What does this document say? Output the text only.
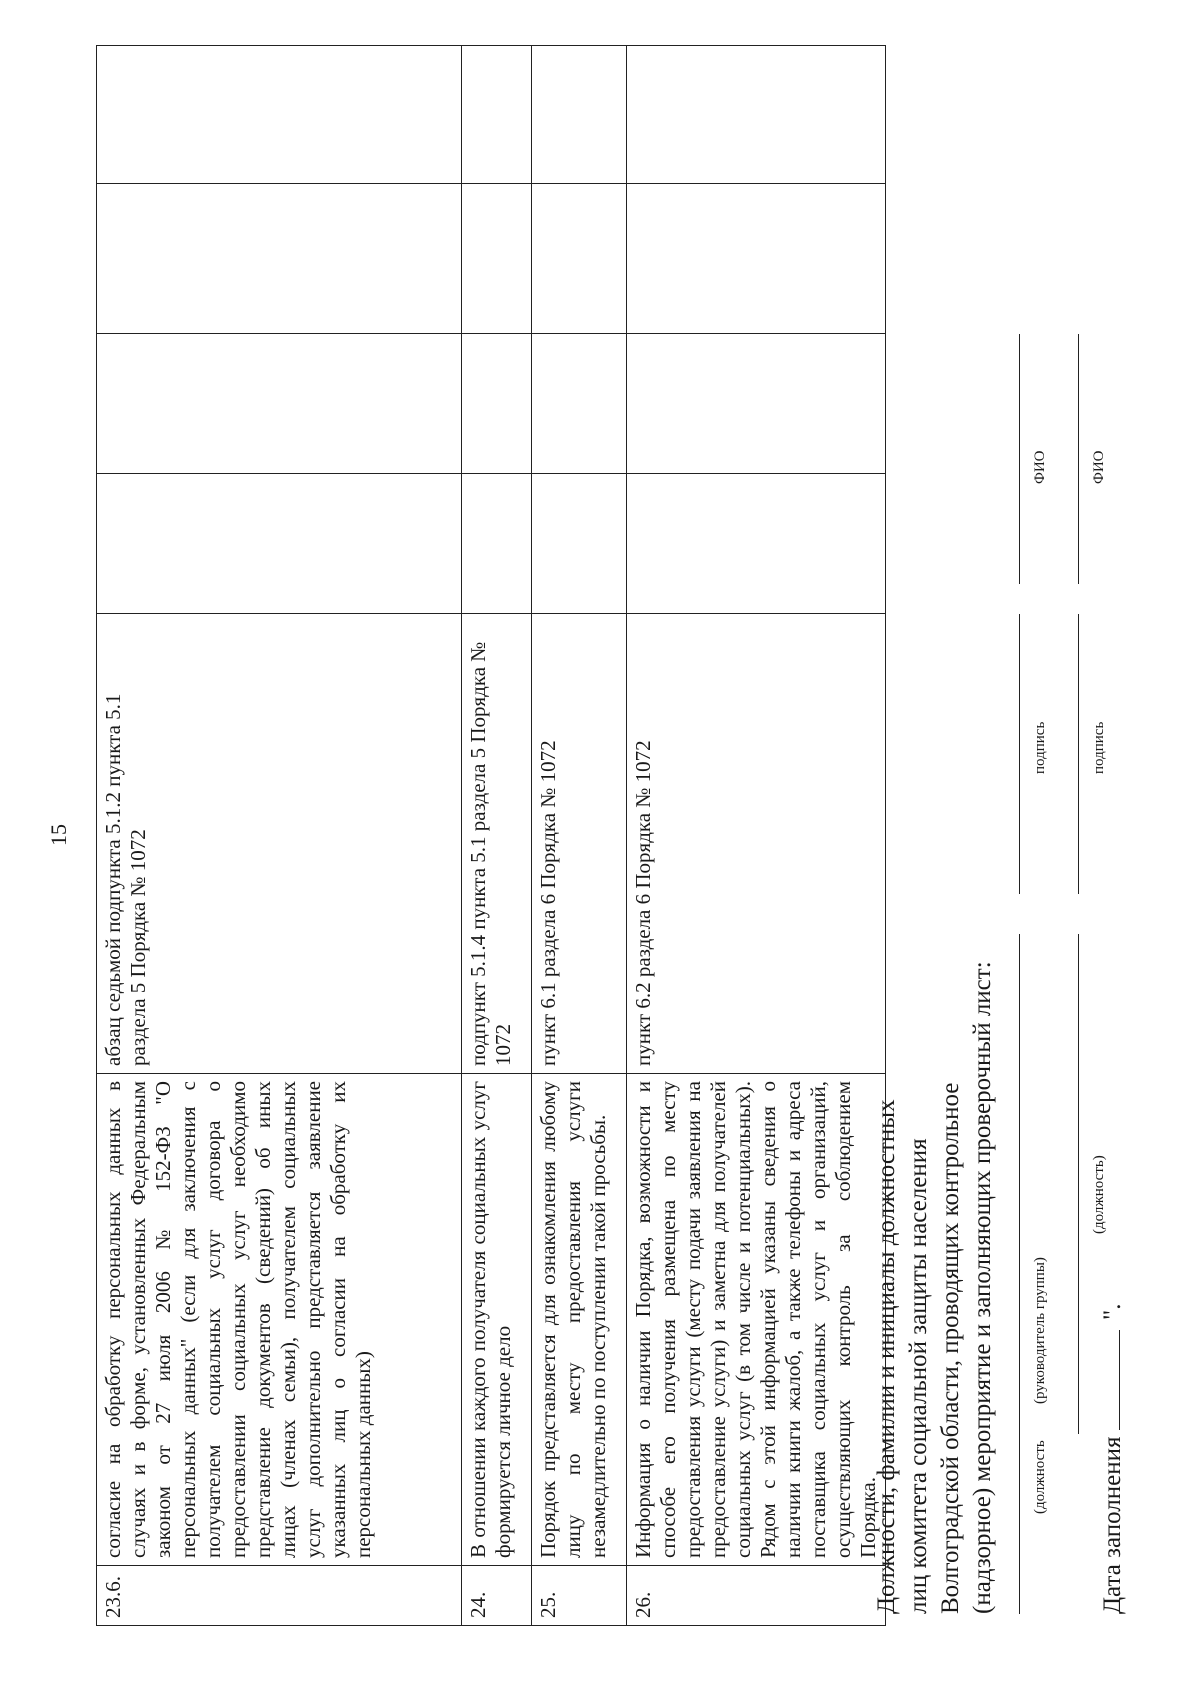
15
23.6.	согласие на обработку персональных данных в случаях и в форме, установленных Федеральным законом от 27 июля 2006 № 152-ФЗ "О персональных данных" (если для заключения с получателем социальных услуг договора о предоставлении социальных услуг необходимо представление документов (сведений) об иных лицах (членах семьи), получателем социальных услуг дополнительно представляется заявление указанных лиц о согласии на обработку их персональных данных)	абзац седьмой подпункта 5.1.2 пункта 5.1 раздела 5 Порядка № 1072				
24.	В отношении каждого получателя социальных услуг формируется личное дело	подпункт 5.1.4 пункта 5.1 раздела 5 Порядка № 1072				
25.	Порядок представляется для ознакомления любому лицу по месту предоставления услуги незамедлительно по поступлении такой просьбы.	пункт 6.1 раздела 6 Порядка № 1072				
26.	Информация о наличии Порядка, возможности и способе его получения размещена по месту предоставления услуги (месту подачи заявления на предоставление услуги) и заметна для получателей социальных услуг (в том числе и потенциальных). Рядом с этой информацией указаны сведения о наличии книги жалоб, а также телефоны и адреса поставщика социальных услуг и организаций, осуществляющих контроль за соблюдением Порядка.	пункт 6.2 раздела 6 Порядка № 1072				
Должности, фамилии и инициалы должностных лиц комитета социальной защиты населения Волгоградской области, проводящих контрольное (надзорное) мероприятие и заполняющих проверочный лист: (должность
(руководитель группы)
подпись
ФИО
(должность)
подпись
ФИО
Дата заполнения  ".
